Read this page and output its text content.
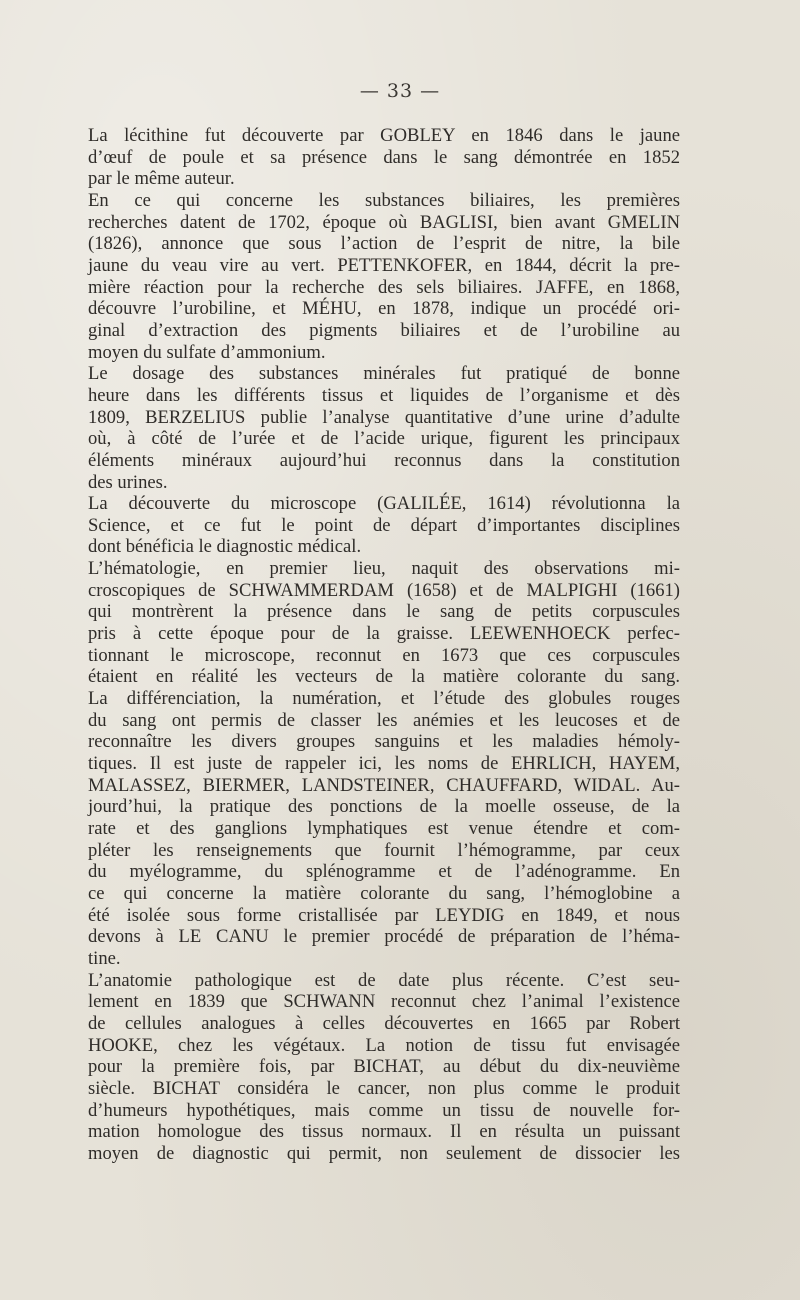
— 33 —

La lécithine fut découverte par GOBLEY en 1846 dans le jaune
d’œuf de poule et sa présence dans le sang démontrée en 1852
par le même auteur.

En ce qui concerne les substances biliaires, les premières
recherches datent de 1702, époque où BAGLISI, bien avant GMELIN
(1826), annonce que sous l’action de l’esprit de nitre, la bile
jaune du veau vire au vert. PETTENKOFER, en 1844, décrit la pre-
mière réaction pour la recherche des sels biliaires. JAFFE, en 1868,
découvre l’urobiline, et MÉHU, en 1878, indique un procédé ori-
ginal d’extraction des pigments biliaires et de l’urobiline au
moyen du sulfate d’ammonium.

Le dosage des substances minérales fut pratiqué de bonne
heure dans les différents tissus et liquides de l’organisme et dès
1809, BERZELIUS publie l’analyse quantitative d’une urine d’adulte
où, à côté de l’urée et de l’acide urique, figurent les principaux
éléments minéraux aujourd’hui reconnus dans la constitution
des urines.

La découverte du microscope (GALILÉE, 1614) révolutionna la
Science, et ce fut le point de départ d’importantes disciplines
dont bénéficia le diagnostic médical.

L’hématologie, en premier lieu, naquit des observations mi-
croscopiques de SCHWAMMERDAM (1658) et de MALPIGHI (1661)
qui montrèrent la présence dans le sang de petits corpuscules
pris à cette époque pour de la graisse. LEEWENHOECK perfec-
tionnant le microscope, reconnut en 1673 que ces corpuscules
étaient en réalité les vecteurs de la matière colorante du sang.
La différenciation, la numération, et l’étude des globules rouges
du sang ont permis de classer les anémies et les leucoses et de
reconnaître les divers groupes sanguins et les maladies hémoly-
tiques. Il est juste de rappeler ici, les noms de EHRLICH, HAYEM,
MALASSEZ, BIERMER, LANDSTEINER, CHAUFFARD, WIDAL. Au-
jourd’hui, la pratique des ponctions de la moelle osseuse, de la
rate et des ganglions lymphatiques est venue étendre et com-
pléter les renseignements que fournit l’hémogramme, par ceux
du myélogramme, du splénogramme et de l’adénogramme. En
ce qui concerne la matière colorante du sang, l’hémoglobine a
été isolée sous forme cristallisée par LEYDIG en 1849, et nous
devons à LE CANU le premier procédé de préparation de l’héma-
tine.

L’anatomie pathologique est de date plus récente. C’est seu-
lement en 1839 que SCHWANN reconnut chez l’animal l’existence
de cellules analogues à celles découvertes en 1665 par Robert
HOOKE, chez les végétaux. La notion de tissu fut envisagée
pour la première fois, par BICHAT, au début du dix-neuvième
siècle. BICHAT considéra le cancer, non plus comme le produit
d’humeurs hypothétiques, mais comme un tissu de nouvelle for-
mation homologue des tissus normaux. Il en résulta un puissant
moyen de diagnostic qui permit, non seulement de dissocier les
